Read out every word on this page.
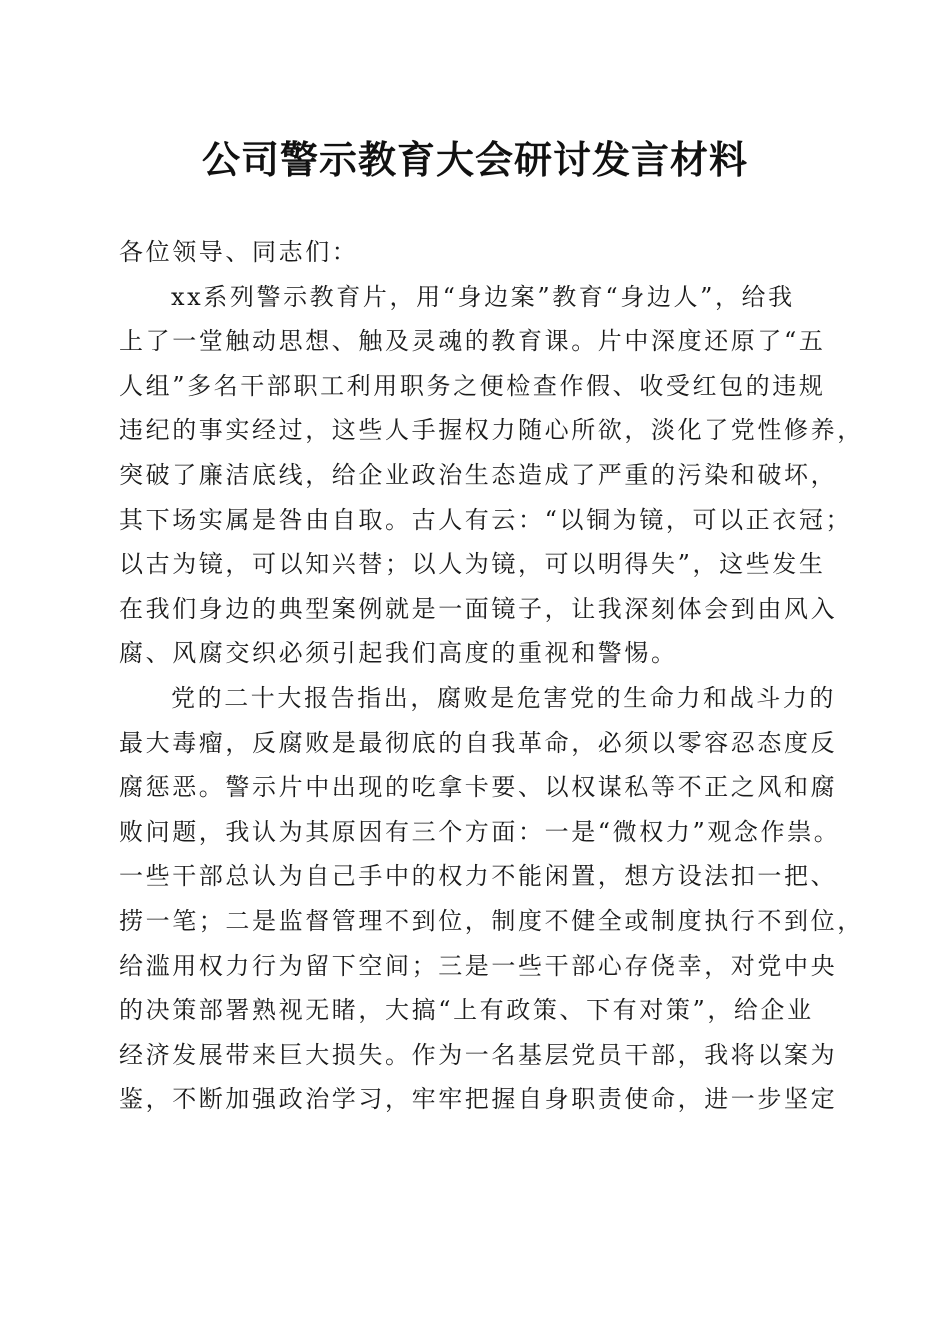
公司警示教育大会研讨发言材料
各位领导、同志们：
xx系列警示教育片，用“身边案”教育“身边人”，给我
上了一堂触动思想、触及灵魂的教育课。片中深度还原了“五
人组”多名干部职工利用职务之便检查作假、收受红包的违规
违纪的事实经过，这些人手握权力随心所欲，淡化了党性修养，
突破了廉洁底线，给企业政治生态造成了严重的污染和破坏，
其下场实属是咎由自取。古人有云：“以铜为镜，可以正衣冠；
以古为镜，可以知兴替；以人为镜，可以明得失”，这些发生
在我们身边的典型案例就是一面镜子，让我深刻体会到由风入
腐、风腐交织必须引起我们高度的重视和警惕。
党的二十大报告指出，腐败是危害党的生命力和战斗力的
最大毒瘤，反腐败是最彻底的自我革命，必须以零容忍态度反
腐惩恶。警示片中出现的吃拿卡要、以权谋私等不正之风和腐
败问题，我认为其原因有三个方面：一是“微权力”观念作祟。
一些干部总认为自己手中的权力不能闲置，想方设法扣一把、
捞一笔；二是监督管理不到位，制度不健全或制度执行不到位，
给滥用权力行为留下空间；三是一些干部心存侥幸，对党中央
的决策部署熟视无睹，大搞“上有政策、下有对策”，给企业
经济发展带来巨大损失。作为一名基层党员干部，我将以案为
鉴，不断加强政治学习，牢牢把握自身职责使命，进一步坚定
